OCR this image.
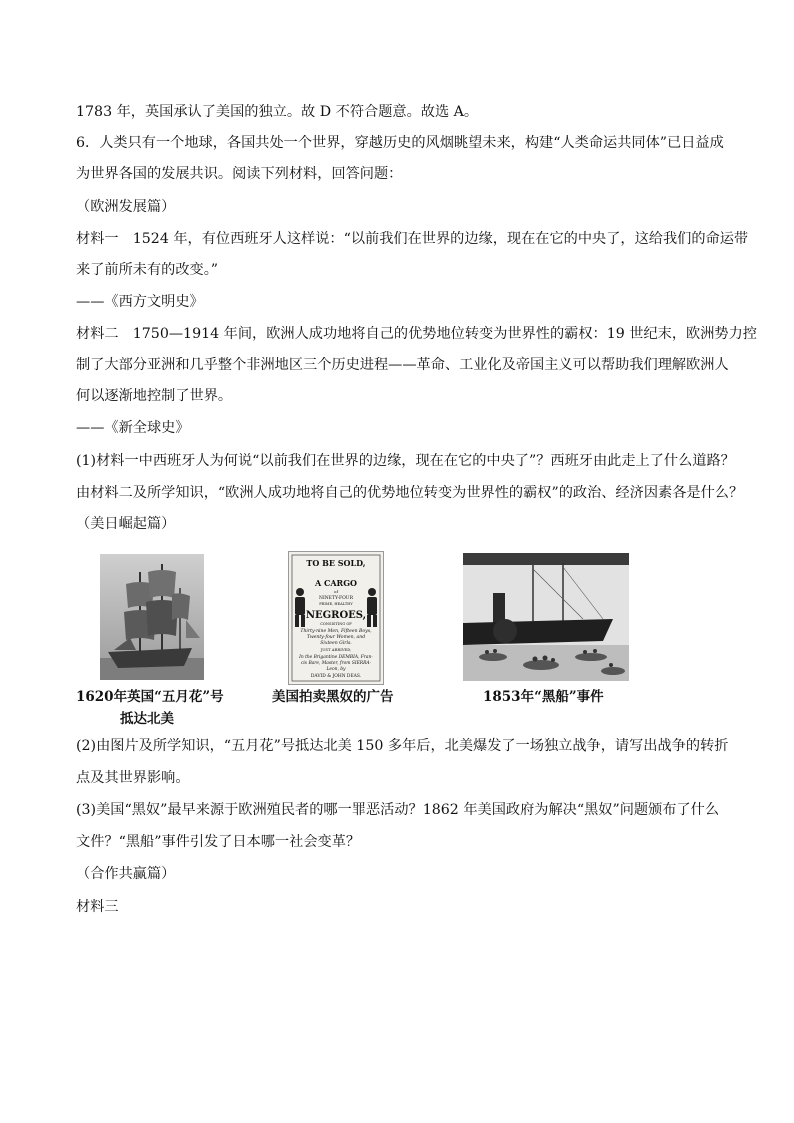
1783 年，英国承认了美国的独立。故 D 不符合题意。故选 A。
6．人类只有一个地球，各国共处一个世界，穿越历史的风烟眺望未来，构建“人类命运共同体”已日益成
为世界各国的发展共识。阅读下列材料，回答问题：
（欧洲发展篇）
材料一　1524 年，有位西班牙人这样说：“以前我们在世界的边缘，现在在它的中央了，这给我们的命运带
来了前所未有的改变。”
——《西方文明史》
材料二　1750—1914 年间，欧洲人成功地将自己的优势地位转变为世界性的霸权：19 世纪末，欧洲势力控
制了大部分亚洲和几乎整个非洲地区三个历史进程——革命、工业化及帝国主义可以帮助我们理解欧洲人
何以逐渐地控制了世界。
——《新全球史》
(1)材料一中西班牙人为何说“以前我们在世界的边缘，现在在它的中央了”？西班牙由此走上了什么道路？
由材料二及所学知识，“欧洲人成功地将自己的优势地位转变为世界性的霸权”的政治、经济因素各是什么？
（美日崛起篇）
1620年英国“五月花”号
抵达北美
TO BE SOLD,
A CARGO
of
NINETY-FOUR
PRIME, HEALTHY
NEGROES,
CONSISTING OF
Thirty-nine Men, Fifteen Boys,
Twenty-four Women, and
Sixteen Girls.
JUST ARRIVED,
In the Brigantine DEMBIA, Fran-
cis Bare, Master, from SIERRA-
Leon, by
DAVID & JOHN DEAS.
美国拍卖黑奴的广告	1853年“黑船”事件
(2)由图片及所学知识，“五月花”号抵达北美 150 多年后，北美爆发了一场独立战争，请写出战争的转折
点及其世界影响。
(3)美国“黑奴”最早来源于欧洲殖民者的哪一罪恶活动？1862 年美国政府为解决“黑奴”问题颁布了什么
文件？“黑船”事件引发了日本哪一社会变革？
（合作共赢篇）
材料三
